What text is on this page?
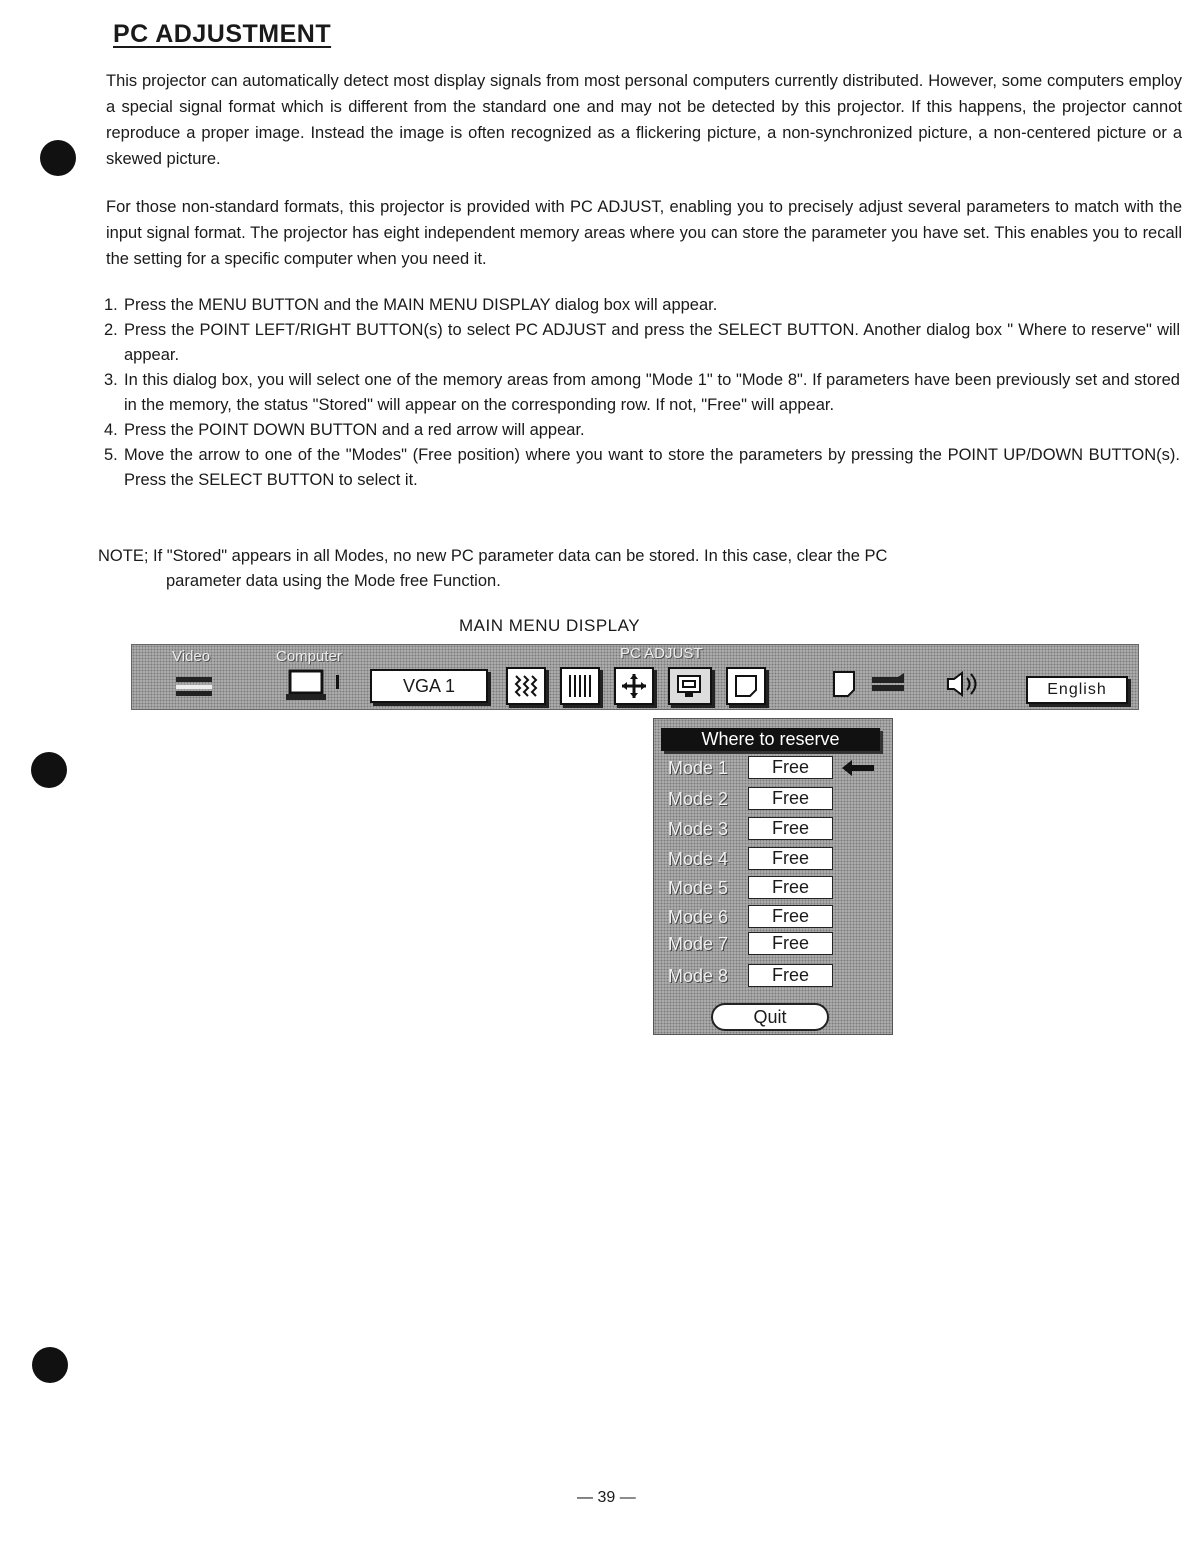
PC ADJUSTMENT

This projector can automatically detect most display signals from most personal computers currently distributed. However, some computers employ a special signal format which is different from the standard one and may not be detected by this projector. If this happens, the projector cannot reproduce a proper image. Instead the image is often recognized as a flickering picture, a non-synchronized picture, a non-centered picture or a skewed picture.

For those non-standard formats, this projector is provided with PC ADJUST, enabling you to precisely adjust several parameters to match with the input signal format. The projector has eight independent memory areas where you can store the parameter you have set. This enables you to recall the setting for a specific computer when you need it.

1. Press the MENU BUTTON and the MAIN MENU DISPLAY dialog box will appear.
2. Press the POINT LEFT/RIGHT BUTTON(s) to select PC ADJUST and press the SELECT BUTTON. Another dialog box " Where to reserve" will appear.
3. In this dialog box, you will select one of the memory areas from among "Mode 1" to "Mode 8". If parameters have been previously set and stored in the memory, the status "Stored" will appear on the corresponding row. If not, "Free" will appear.
4. Press the POINT DOWN BUTTON and a red arrow will appear.
5. Move the arrow to one of the "Modes" (Free position) where you want to store the parameters by pressing the POINT UP/DOWN BUTTON(s). Press the SELECT BUTTON to select it.
NOTE; If "Stored" appears in all Modes, no new PC parameter data can be stored. In this case, clear the PC
parameter data using the Mode free Function.
MAIN MENU DISPLAY
Video	Computer	PC ADJUST
VGA 1	English
Where to reserve
Mode 1	Free
Mode 2	Free
Mode 3	Free
Mode 4	Free
Mode 5	Free
Mode 6	Free
Mode 7	Free
Mode 8	Free
Quit
— 39 —
